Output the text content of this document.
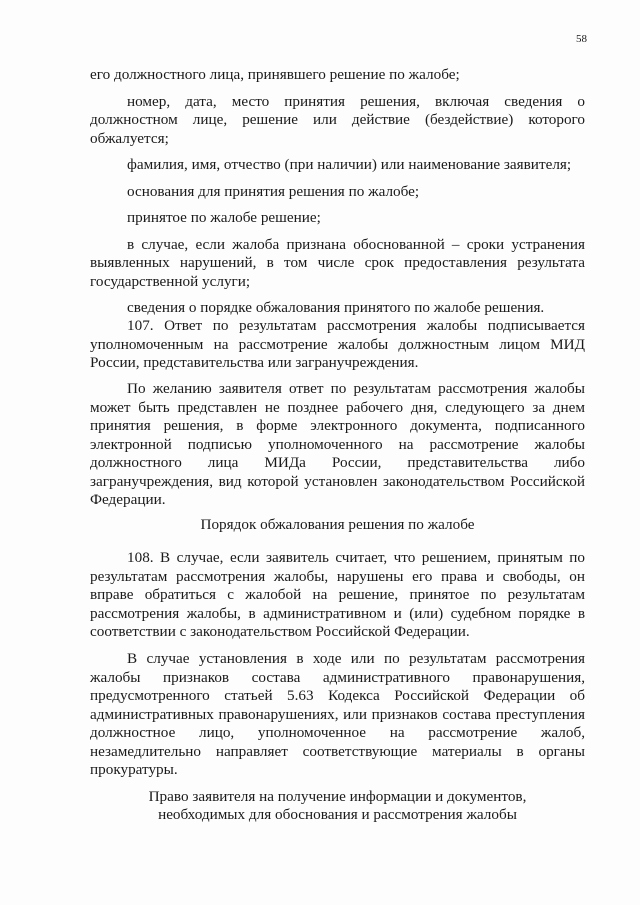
58

его должностного лица, принявшего решение по жалобе;

номер, дата, место принятия решения, включая сведения о должностном лице, решение или действие (бездействие) которого обжалуется;

фамилия, имя, отчество (при наличии) или наименование заявителя;

основания для принятия решения по жалобе;

принятое по жалобе решение;

в случае, если жалоба признана обоснованной – сроки устранения выявленных нарушений, в том числе срок предоставления результата государственной услуги;

сведения о порядке обжалования принятого по жалобе решения.

107. Ответ по результатам рассмотрения жалобы подписывается уполномоченным на рассмотрение жалобы должностным лицом МИД России, представительства или загранучреждения.

По желанию заявителя ответ по результатам рассмотрения жалобы может быть представлен не позднее рабочего дня, следующего за днем принятия решения, в форме электронного документа, подписанного электронной подписью уполномоченного на рассмотрение жалобы должностного лица МИДа России, представительства либо загранучреждения, вид которой установлен законодательством Российской Федерации.

Порядок обжалования решения по жалобе

108. В случае, если заявитель считает, что решением, принятым по результатам рассмотрения жалобы, нарушены его права и свободы, он вправе обратиться с жалобой на решение, принятое по результатам рассмотрения жалобы, в административном и (или) судебном порядке в соответствии с законодательством Российской Федерации.

В случае установления в ходе или по результатам рассмотрения жалобы признаков состава административного правонарушения, предусмотренного статьей 5.63 Кодекса Российской Федерации об административных правонарушениях, или признаков состава преступления должностное лицо, уполномоченное на рассмотрение жалоб, незамедлительно направляет соответствующие материалы в органы прокуратуры.

Право заявителя на получение информации и документов,
необходимых для обоснования и рассмотрения жалобы
